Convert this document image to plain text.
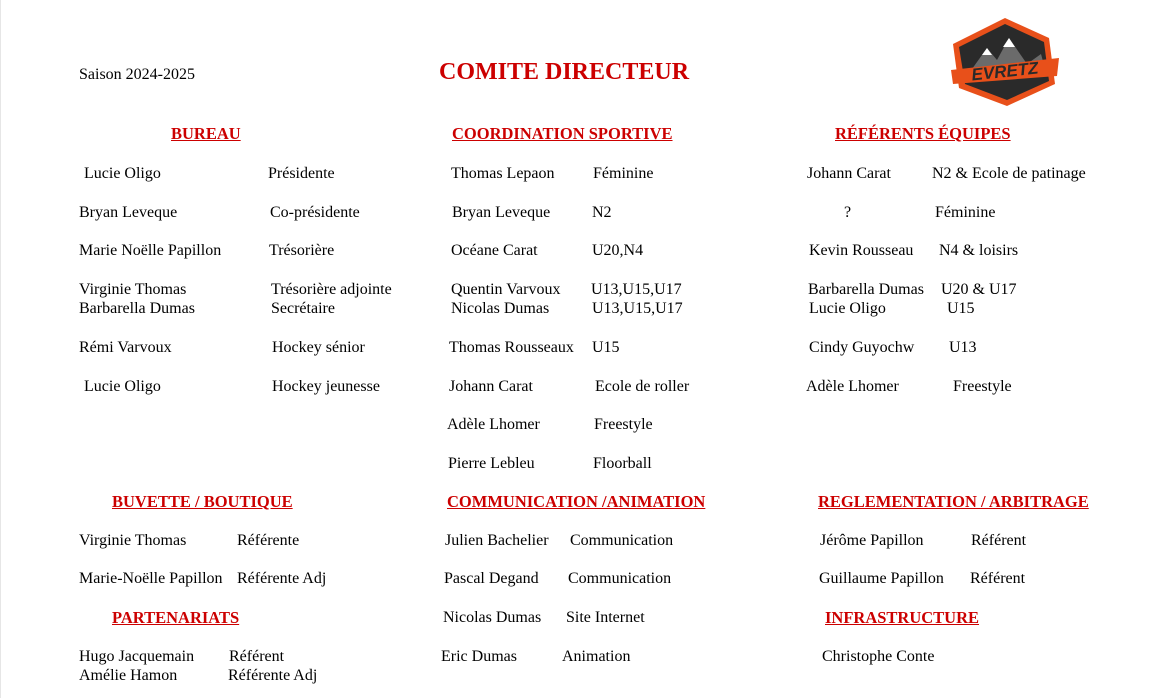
Saison 2024-2025	COMITE DIRECTEUR	EVRETZ
BUREAU	COORDINATION SPORTIVE	RÉFÉRENTS ÉQUIPES
Lucie Oligo	Présidente
Bryan Leveque	Co-présidente
Marie Noëlle Papillon	Trésorière
Virginie Thomas	Trésorière adjointe
Barbarella Dumas	Secrétaire
Rémi Varvoux	Hockey sénior
Lucie Oligo	Hockey jeunesse
Thomas Lepaon Féminine
Bryan Leveque	N2
Océane Carat	U20,N4
Quentin Varvoux U13,U15,U17
Nicolas Dumas	U13,U15,U17
Thomas Rousseaux U15
Johann Carat	Ecole de roller
Adèle Lhomer	Freestyle
Pierre Lebleu	Floorball
Johann Carat	N2 & Ecole de patinage
?	Féminine
Kevin Rousseau N4 & loisirs
Barbarella Dumas U20 & U17
Lucie Oligo	U15
Cindy Guyochw U13
Adèle Lhomer	Freestyle
BUVETTE / BOUTIQUE	COMMUNICATION /ANIMATION	REGLEMENTATION / ARBITRAGE
Virginie Thomas	Référente
Marie-Noëlle Papillon Référente Adj
Julien Bachelier Communication
Pascal Degand Communication
Nicolas Dumas Site Internet
Eric Dumas	Animation
Jérôme Papillon	Référent
Guillaume Papillon Référent
PARTENARIATS
Hugo Jacquemain Référent
Amélie Hamon	Référente Adj
INFRASTRUCTURE
Christophe Conte
